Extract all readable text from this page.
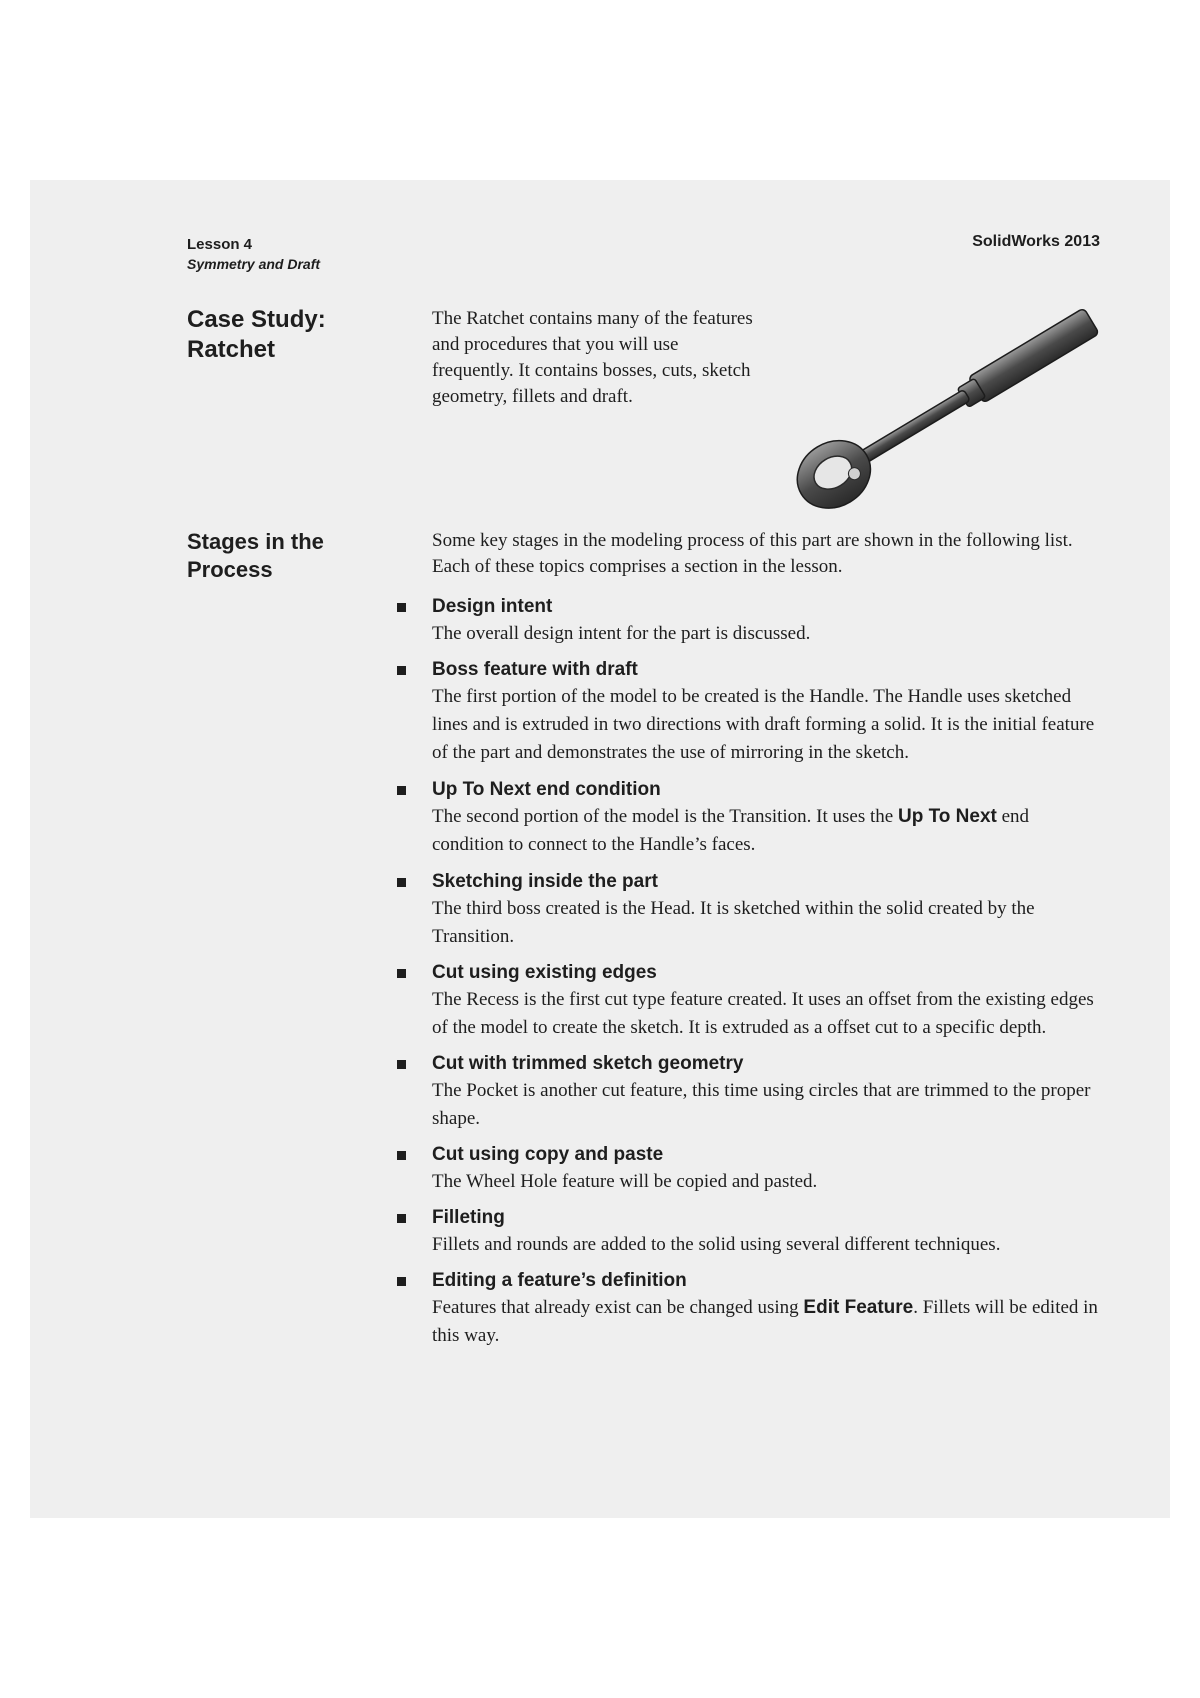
Lesson 4
Symmetry and Draft
SolidWorks 2013
Case Study: Ratchet
The Ratchet contains many of the features and procedures that you will use frequently. It contains bosses, cuts, sketch geometry, fillets and draft.
Stages in the Process
Some key stages in the modeling process of this part are shown in the following list. Each of these topics comprises a section in the lesson.
Design intent
The overall design intent for the part is discussed.
Boss feature with draft
The first portion of the model to be created is the Handle. The Handle uses sketched lines and is extruded in two directions with draft forming a solid. It is the initial feature of the part and demonstrates the use of mirroring in the sketch.
Up To Next end condition
The second portion of the model is the Transition. It uses the Up To Next end condition to connect to the Handle’s faces.
Sketching inside the part
The third boss created is the Head. It is sketched within the solid created by the Transition.
Cut using existing edges
The Recess is the first cut type feature created. It uses an offset from the existing edges of the model to create the sketch. It is extruded as a offset cut to a specific depth.
Cut with trimmed sketch geometry
The Pocket is another cut feature, this time using circles that are trimmed to the proper shape.
Cut using copy and paste
The Wheel Hole feature will be copied and pasted.
Filleting
Fillets and rounds are added to the solid using several different techniques.
Editing a feature’s definition
Features that already exist can be changed using Edit Feature. Fillets will be edited in this way.
